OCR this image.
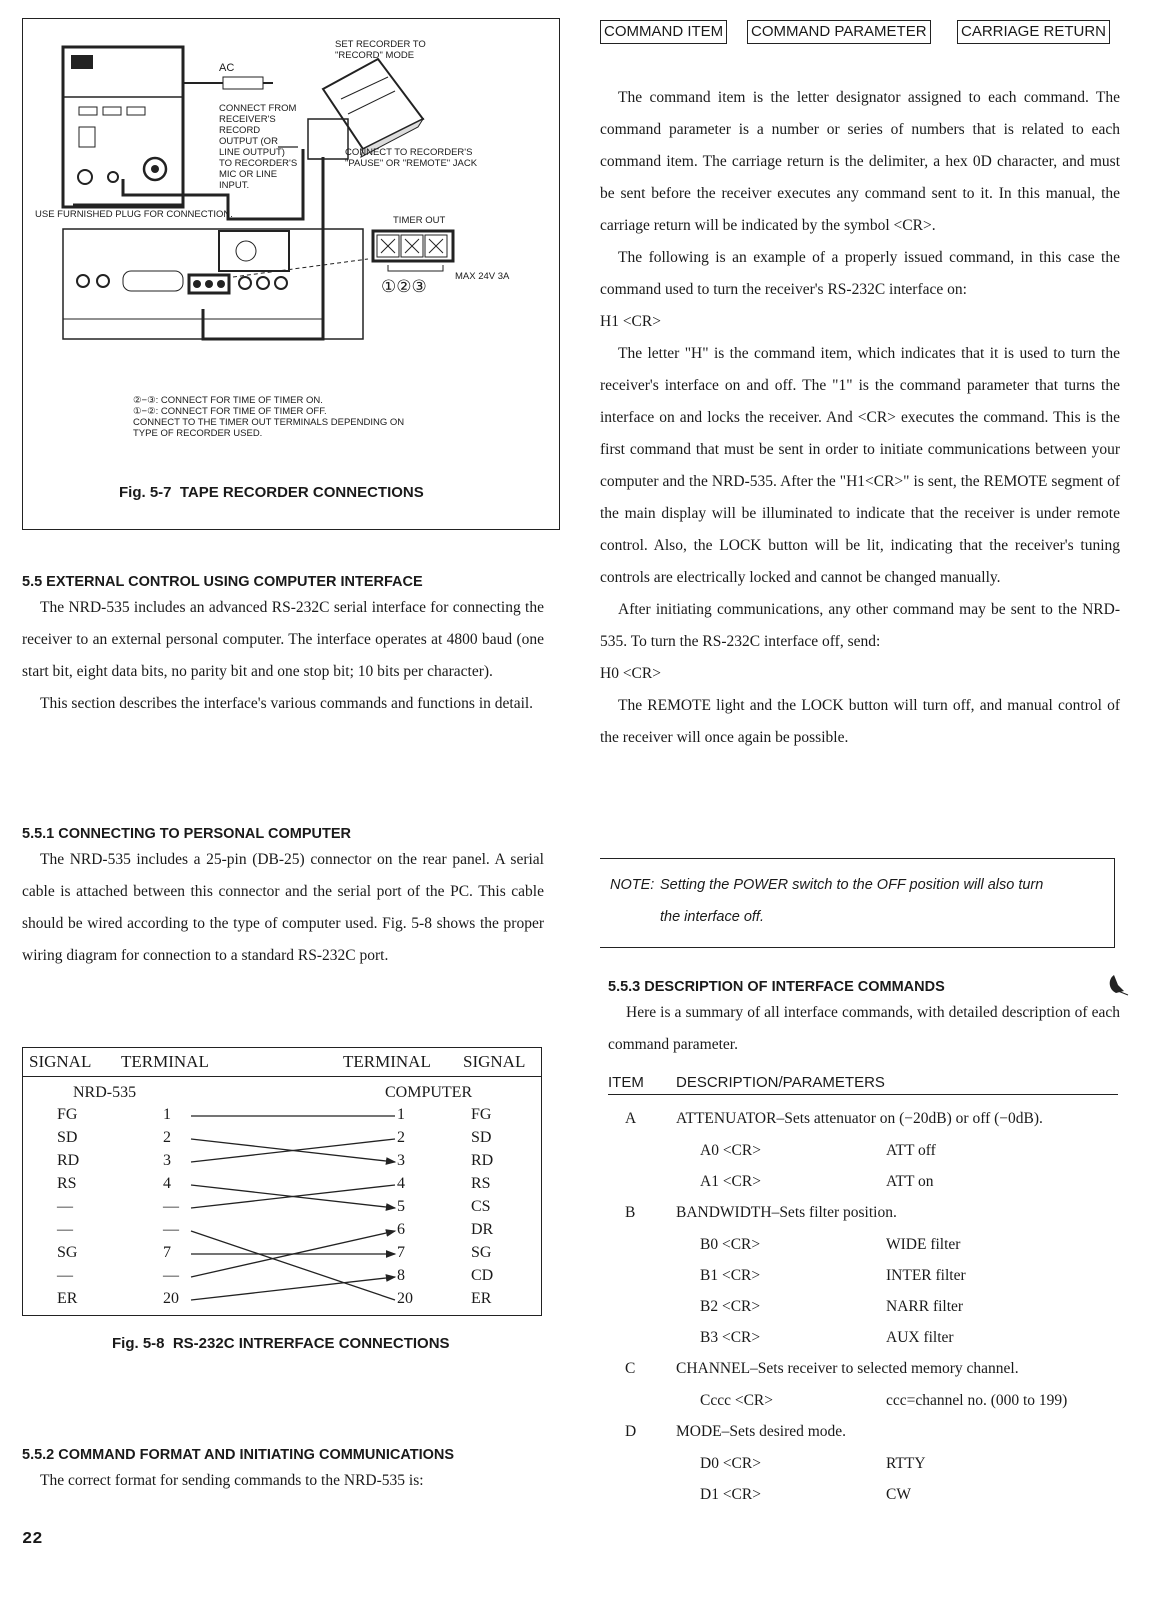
SET RECORDER TO
"RECORD" MODE
AC
CONNECT FROM
RECEIVER'S
RECORD
OUTPUT (OR
LINE OUTPUT)
TO RECORDER'S
MIC OR LINE
INPUT.
CONNECT TO RECORDER'S
"PAUSE" OR "REMOTE" JACK
USE FURNISHED PLUG FOR CONNECTION.
TIMER OUT
MAX 24V 3A
①②③
②−③: CONNECT FOR TIME OF TIMER ON.
①−②: CONNECT FOR TIME OF TIMER OFF.
CONNECT TO THE TIMER OUT TERMINALS DEPENDING ON
TYPE OF RECORDER USED.
Fig. 5-7  TAPE RECORDER CONNECTIONS
5.5 EXTERNAL CONTROL USING COMPUTER INTERFACE

The NRD-535 includes an advanced RS-232C serial interface for connecting the receiver to an external personal computer. The interface operates at 4800 baud (one start bit, eight data bits, no parity bit and one stop bit; 10 bits per character).

This section describes the interface's various commands and functions in detail.

5.5.1 CONNECTING TO PERSONAL COMPUTER

The NRD-535 includes a 25-pin (DB-25) connector on the rear panel. A serial cable is attached between this connector and the serial port of the PC. This cable should be wired according to the type of computer used. Fig. 5-8 shows the proper wiring diagram for connection to a standard RS-232C port.

SIGNAL TERMINAL	TERMINAL SIGNAL
NRD-535	COMPUTER
FG	1	1	FG
SD	2	2	SD
RD	3	3	RD
RS	4	4	RS
—	—	5	CS
—	—	6	DR
SG	7	7	SG
—	—	8	CD
ER	20	20	ER
Fig. 5-8  RS-232C INTRERFACE CONNECTIONS
5.5.2 COMMAND FORMAT AND INITIATING COMMUNICATIONS

The correct format for sending commands to the NRD-535 is:

22
COMMAND ITEM COMMAND PARAMETER CARRIAGE RETURN

The command item is the letter designator assigned to each command. The command parameter is a number or series of numbers that is related to each command item. The carriage return is the delimiter, a hex 0D character, and must be sent before the receiver executes any command sent to it. In this manual, the carriage return will be indicated by the symbol <CR>.

The following is an example of a properly issued command, in this case the command used to turn the receiver's RS-232C interface on:

H1 <CR>

The letter "H" is the command item, which indicates that it is used to turn the receiver's interface on and off. The "1" is the command parameter that turns the interface on and locks the receiver. And <CR> executes the command. This is the first command that must be sent in order to initiate communications between your computer and the NRD-535. After the "H1<CR>" is sent, the REMOTE segment of the main display will be illuminated to indicate that the receiver is under remote control. Also, the LOCK button will be lit, indicating that the receiver's tuning controls are electrically locked and cannot be changed manually.

After initiating communications, any other command may be sent to the NRD-535. To turn the RS-232C interface off, send:

H0 <CR>

The REMOTE light and the LOCK button will turn off, and manual control of the receiver will once again be possible.

NOTE: Setting the POWER switch to the OFF position will also turn
the interface off.
5.5.3 DESCRIPTION OF INTERFACE COMMANDS

Here is a summary of all interface commands, with detailed description of each command parameter.

ITEM DESCRIPTION/PARAMETERS
A	ATTENUATOR–Sets attenuator on (−20dB) or off (−0dB).
A0 <CR>	ATT off
A1 <CR>	ATT on
B	BANDWIDTH–Sets filter position.
B0 <CR>	WIDE filter
B1 <CR>	INTER filter
B2 <CR>	NARR filter
B3 <CR>	AUX filter
C	CHANNEL–Sets receiver to selected memory channel.
Cccc <CR>	ccc=channel no. (000 to 199)
D	MODE–Sets desired mode.
D0 <CR>	RTTY
D1 <CR>	CW
